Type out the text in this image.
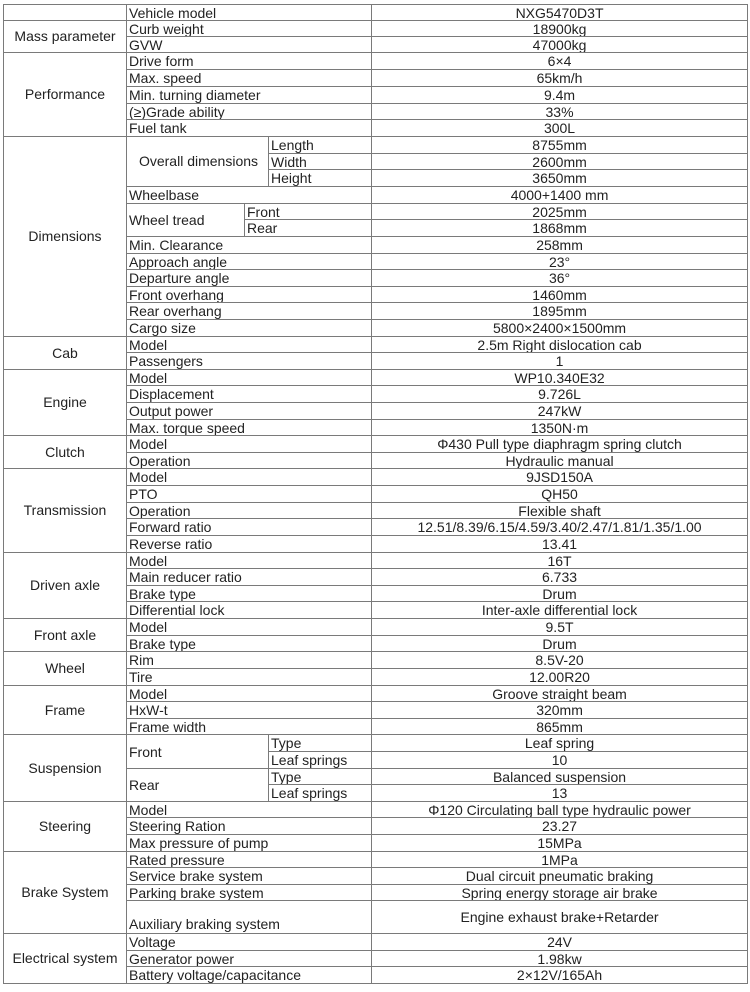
	Vehicle model			NXG5470D3T

Mass parameter	Curb weight			18900kg
	GVW			47000kg

Performance	Drive form			6×4
	Max. speed			65km/h
	Min. turning diameter			9.4m
	(≥)Grade ability			33%
	Fuel tank			300L

Dimensions	Overall dimensions		Length	8755mm
			Width	2600mm
			Height	3650mm
	Wheelbase			4000+1400 mm
	Wheel tread	Front		2025mm
		Rear		1868mm
	Min. Clearance			258mm
	Approach angle			23°
	Departure angle			36°
	Front overhang			1460mm
	Rear overhang			1895mm
	Cargo size			5800×2400×1500mm

Cab	Model			2.5m Right dislocation cab
	Passengers			1

Engine	Model			WP10.340E32
	Displacement			9.726L
	Output power			247kW
	Max. torque speed			1350N·m

Clutch	Model			Φ430 Pull type diaphragm spring clutch
	Operation			Hydraulic manual

Transmission	Model			9JSD150A
	PTO			QH50
	Operation			Flexible shaft
	Forward ratio			12.51/8.39/6.15/4.59/3.40/2.47/1.81/1.35/1.00
	Reverse ratio			13.41

Driven axle	Model			16T
	Main reducer ratio			6.733
	Brake type			Drum
	Differential lock			Inter-axle differential lock

Front axle	Model			9.5T
	Brake type			Drum

Wheel	Rim			8.5V-20
	Tire			12.00R20

Frame	Model			Groove straight beam
	HxW-t			320mm
	Frame width			865mm

Suspension	Front		Type	Leaf spring
			Leaf springs	10
	Rear		Type	Balanced suspension
			Leaf springs	13

Steering	Model			Φ120 Circulating ball type hydraulic power
	Steering Ration			23.27
	Max pressure of pump			15MPa

Brake System	Rated pressure			1MPa
	Service brake system			Dual circuit pneumatic braking
	Parking brake system			Spring energy storage air brake
	Auxiliary braking system			Engine exhaust brake+Retarder

Electrical system	Voltage			24V
	Generator power			1.98kw
	Battery voltage/capacitance			2×12V/165Ah
